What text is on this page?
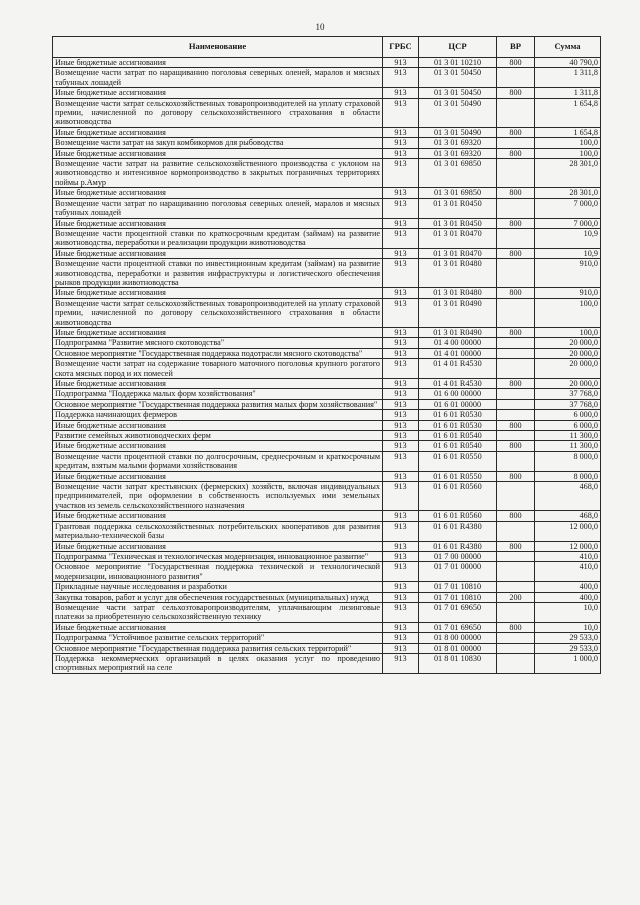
10
Наименование	ГРБС	ЦСР	ВР	Сумма
Иные бюджетные ассигнования	913	01 3 01 10210	800	40 790,0
Возмещение части затрат по наращиванию поголовья северных оленей, маралов и мясных табунных лошадей	913	01 3 01 50450		1 311,8
Иные бюджетные ассигнования	913	01 3 01 50450	800	1 311,8
Возмещение части затрат сельскохозяйственных товаропроизводителей на уплату страховой премии, начисленной по договору сельскохозяйственного страхования в области животноводства	913	01 3 01 50490		1 654,8
Иные бюджетные ассигнования	913	01 3 01 50490	800	1 654,8
Возмещение части затрат на закуп комбикормов для рыбоводства	913	01 3 01 69320		100,0
Иные бюджетные ассигнования	913	01 3 01 69320	800	100,0
Возмещение части затрат на развитие сельскохозяйственного производства с уклоном на животноводство и интенсивное кормопроизводство в закрытых пограничных территориях поймы р.Амур	913	01 3 01 69850		28 301,0
Иные бюджетные ассигнования	913	01 3 01 69850	800	28 301,0
Возмещение части затрат по наращиванию поголовья северных оленей, маралов и мясных табунных лошадей	913	01 3 01 R0450		7 000,0
Иные бюджетные ассигнования	913	01 3 01 R0450	800	7 000,0
Возмещение части процентной ставки по краткосрочным кредитам (займам) на развитие животноводства, переработки и реализации продукции животноводства	913	01 3 01 R0470		10,9
Иные бюджетные ассигнования	913	01 3 01 R0470	800	10,9
Возмещение части процентной ставки по инвестиционным кредитам (займам) на развитие животноводства, переработки и развития инфраструктуры и логистического обеспечения рынков продукции животноводства	913	01 3 01 R0480		910,0
Иные бюджетные ассигнования	913	01 3 01 R0480	800	910,0
Возмещение части затрат сельскохозяйственных товаропроизводителей на уплату страховой премии, начисленной по договору сельскохозяйственного страхования в области животноводства	913	01 3 01 R0490		100,0
Иные бюджетные ассигнования	913	01 3 01 R0490	800	100,0
Подпрограмма "Развитие мясного скотоводства"	913	01 4 00 00000		20 000,0
Основное мероприятие "Государственная поддержка подотрасли мясного скотоводства"	913	01 4 01 00000		20 000,0
Возмещение части затрат на содержание товарного маточного поголовья крупного рогатого скота мясных пород и их помесей	913	01 4 01 R4530		20 000,0
Иные бюджетные ассигнования	913	01 4 01 R4530	800	20 000,0
Подпрограмма "Поддержка малых форм хозяйствования"	913	01 6 00 00000		37 768,0
Основное мероприятие "Государственная поддержка развития малых форм хозяйствования"	913	01 6 01 00000		37 768,0
Поддержка начинающих фермеров	913	01 6 01 R0530		6 000,0
Иные бюджетные ассигнования	913	01 6 01 R0530	800	6 000,0
Развитие семейных животноводческих ферм	913	01 6 01 R0540		11 300,0
Иные бюджетные ассигнования	913	01 6 01 R0540	800	11 300,0
Возмещение части процентной ставки по долгосрочным, среднесрочным и краткосрочным кредитам, взятым малыми формами хозяйствования	913	01 6 01 R0550		8 000,0
Иные бюджетные ассигнования	913	01 6 01 R0550	800	8 000,0
Возмещение части затрат крестьянских (фермерских) хозяйств, включая индивидуальных предпринимателей, при оформлении в собственность используемых ими земельных участков из земель сельскохозяйственного назначения	913	01 6 01 R0560		468,0
Иные бюджетные ассигнования	913	01 6 01 R0560	800	468,0
Грантовая поддержка сельскохозяйственных потребительских кооперативов для развития материально-технической базы	913	01 6 01 R4380		12 000,0
Иные бюджетные ассигнования	913	01 6 01 R4380	800	12 000,0
Подпрограмма "Техническая и технологическая модернизация, инновационное развитие"	913	01 7 00 00000		410,0
Основное мероприятие "Государственная поддержка технической и технологической модернизации, инновационного развития"	913	01 7 01 00000		410,0
Прикладные научные исследования и разработки	913	01 7 01 10810		400,0
Закупка товаров, работ и услуг для обеспечения государственных (муниципальных) нужд	913	01 7 01 10810	200	400,0
Возмещение части затрат сельхозтоваропроизводителям, уплачивающим лизинговые платежи за приобретенную сельскохозяйственную технику	913	01 7 01 69650		10,0
Иные бюджетные ассигнования	913	01 7 01 69650	800	10,0
Подпрограмма "Устойчивое развитие сельских территорий"	913	01 8 00 00000		29 533,0
Основное мероприятие "Государственная поддержка развития сельских территорий"	913	01 8 01 00000		29 533,0
Поддержка некоммерческих организаций в целях оказания услуг по проведению спортивных мероприятий на селе	913	01 8 01 10830		1 000,0
